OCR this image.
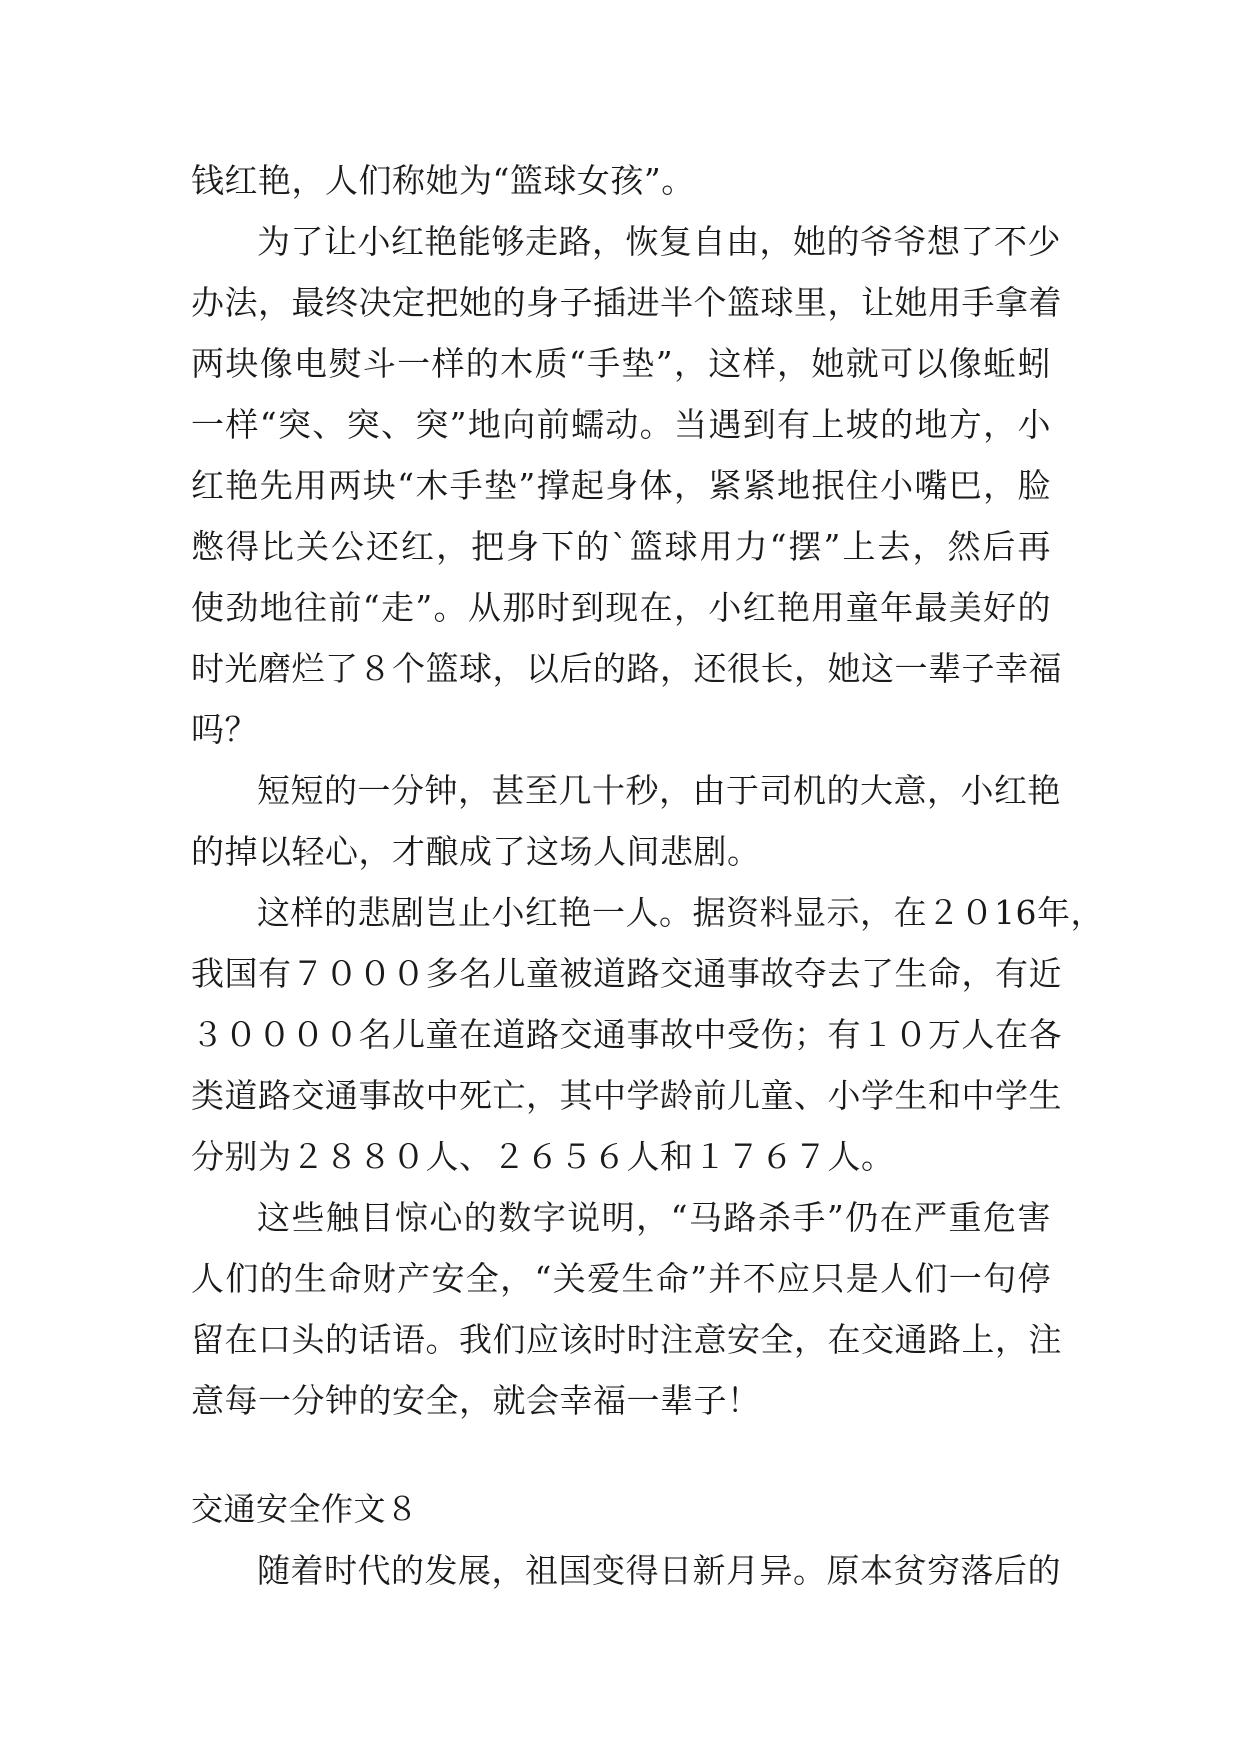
钱红艳，人们称她为“篮球女孩”。
为了让小红艳能够走路，恢复自由，她的爷爷想了不少
办法，最终决定把她的身子插进半个篮球里，让她用手拿着
两块像电熨斗一样的木质“手垫”，这样，她就可以像蚯蚓
一样“突、突、突”地向前蠕动。当遇到有上坡的地方，小
红艳先用两块“木手垫”撑起身体，紧紧地抿住小嘴巴，脸
憋得比关公还红，把身下的`篮球用力“摆”上去，然后再
使劲地往前“走”。从那时到现在，小红艳用童年最美好的
时光磨烂了８个篮球，以后的路，还很长，她这一辈子幸福
吗？
短短的一分钟，甚至几十秒，由于司机的大意，小红艳
的掉以轻心，才酿成了这场人间悲剧。
这样的悲剧岂止小红艳一人。据资料显示，在２０16年，
我国有７０００多名儿童被道路交通事故夺去了生命，有近
３００００名儿童在道路交通事故中受伤；有１０万人在各
类道路交通事故中死亡，其中学龄前儿童、小学生和中学生
分别为２８８０人、２６５６人和１７６７人。
这些触目惊心的数字说明，“马路杀手”仍在严重危害
人们的生命财产安全，“关爱生命”并不应只是人们一句停
留在口头的话语。我们应该时时注意安全，在交通路上，注
意每一分钟的安全，就会幸福一辈子！
交通安全作文８
随着时代的发展，祖国变得日新月异。原本贫穷落后的
